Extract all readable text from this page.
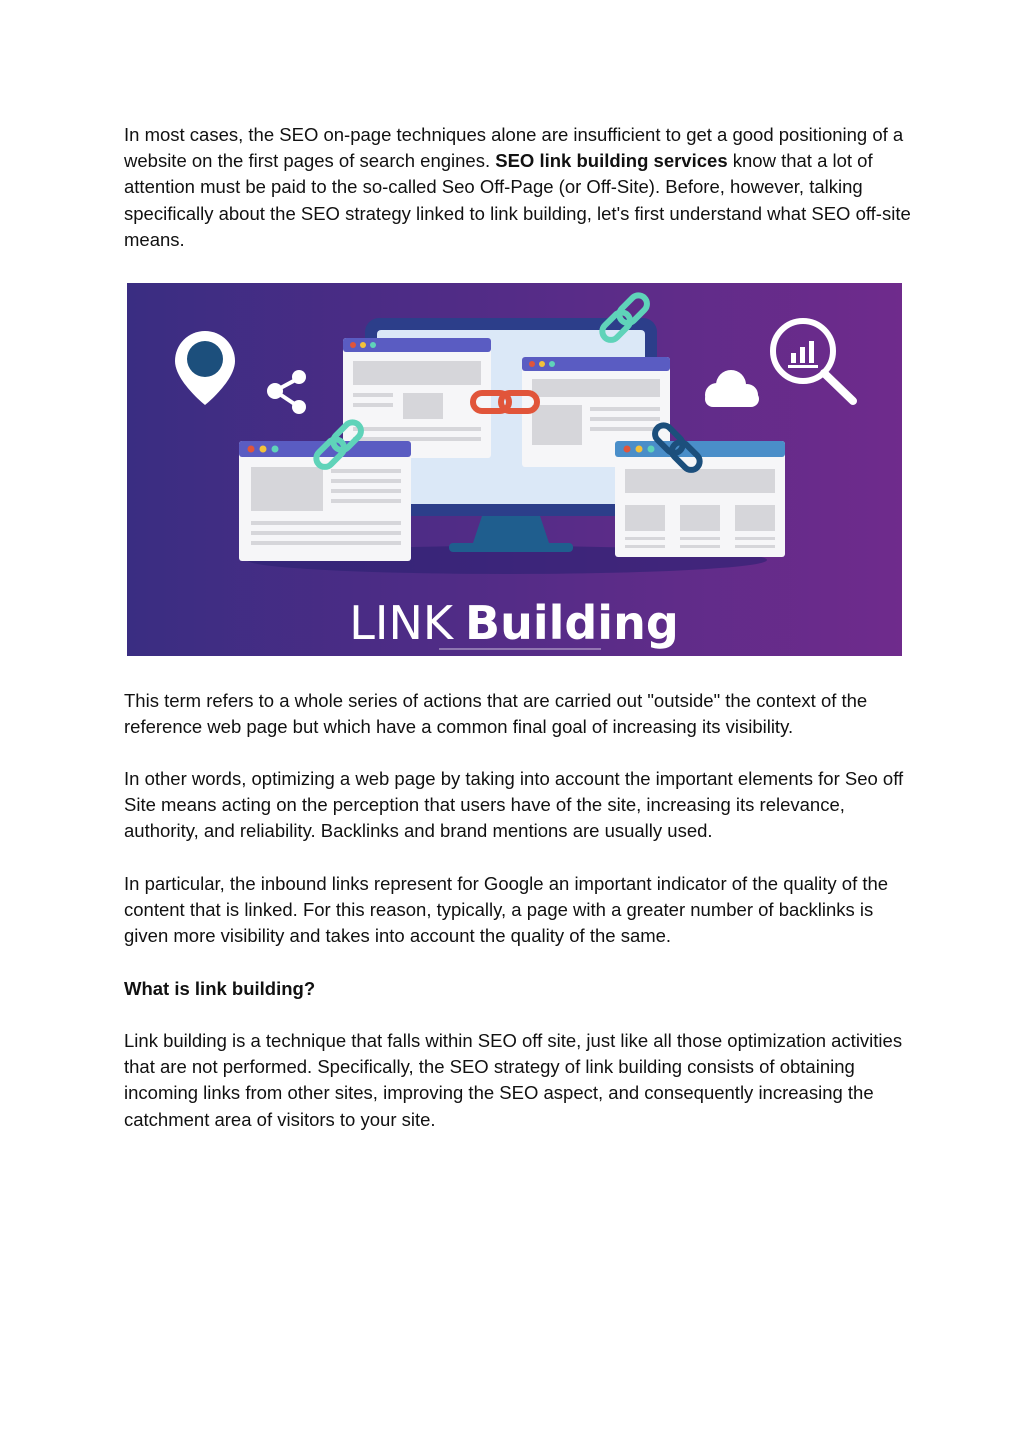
In most cases, the SEO on-page techniques alone are insufficient to get a good positioning of a website on the first pages of search engines. SEO link building services know that a lot of attention must be paid to the so-called Seo Off-Page (or Off-Site). Before, however, talking specifically about the SEO strategy linked to link building, let's first understand what SEO off-site means.

LINK Building

This term refers to a whole series of actions that are carried out "outside" the context of the reference web page but which have a common final goal of increasing its visibility.

In other words, optimizing a web page by taking into account the important elements for Seo off Site means acting on the perception that users have of the site, increasing its relevance, authority, and reliability. Backlinks and brand mentions are usually used.

In particular, the inbound links represent for Google an important indicator of the quality of the content that is linked. For this reason, typically, a page with a greater number of backlinks is given more visibility and takes into account the quality of the same.

What is link building?

Link building is a technique that falls within SEO off site, just like all those optimization activities that are not performed. Specifically, the SEO strategy of link building consists of obtaining incoming links from other sites, improving the SEO aspect, and consequently increasing the catchment area of visitors to your site.
